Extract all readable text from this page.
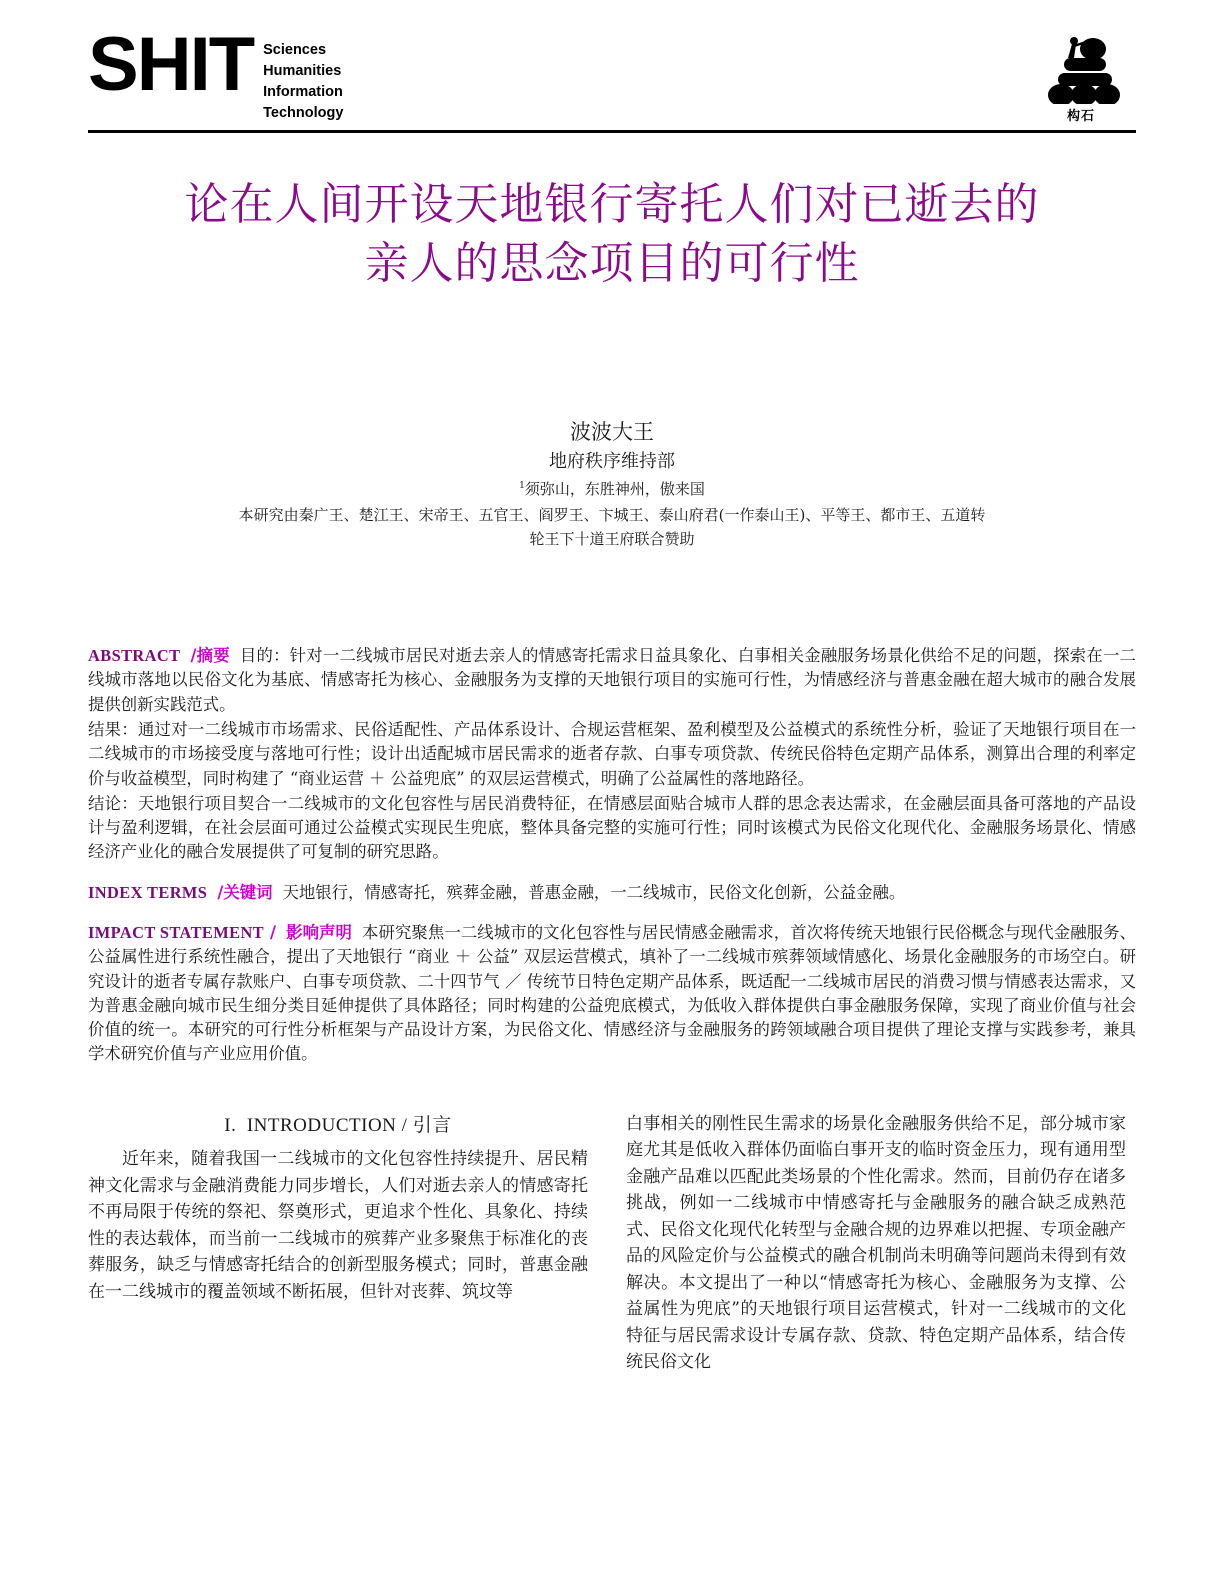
SHIT Sciences
Humanities
Information
Technology	构石
论在人间开设天地银行寄托人们对已逝去的
亲人的思念项目的可行性
波波大王
地府秩序维持部
$^1$须弥山，东胜神州，傲来国
本研究由秦广王、楚江王、宋帝王、五官王、阎罗王、卞城王、泰山府君(一作泰山王)、平等王、都市王、五道转
轮王下十道王府联合赞助

ABSTRACT /摘要 目的：针对一二线城市居民对逝去亲人的情感寄托需求日益具象化、白事相关金融服务场景化供给不足的问题，探索在一二线城市落地以民俗文化为基底、情感寄托为核心、金融服务为支撑的天地银行项目的实施可行性，为情感经济与普惠金融在超大城市的融合发展提供创新实践范式。

结果：通过对一二线城市市场需求、民俗适配性、产品体系设计、合规运营框架、盈利模型及公益模式的系统性分析，验证了天地银行项目在一二线城市的市场接受度与落地可行性；设计出适配城市居民需求的逝者存款、白事专项贷款、传统民俗特色定期产品体系，测算出合理的利率定价与收益模型，同时构建了 “商业运营 ＋ 公益兜底” 的双层运营模式，明确了公益属性的落地路径。

结论：天地银行项目契合一二线城市的文化包容性与居民消费特征，在情感层面贴合城市人群的思念表达需求，在金融层面具备可落地的产品设计与盈利逻辑，在社会层面可通过公益模式实现民生兜底，整体具备完整的实施可行性；同时该模式为民俗文化现代化、金融服务场景化、情感经济产业化的融合发展提供了可复制的研究思路。

INDEX TERMS /关键词 天地银行，情感寄托，殡葬金融，普惠金融，一二线城市，民俗文化创新，公益金融。

IMPACT STATEMENT / 影响声明 本研究聚焦一二线城市的文化包容性与居民情感金融需求，首次将传统天地银行民俗概念与现代金融服务、公益属性进行系统性融合，提出了天地银行 “商业 ＋ 公益” 双层运营模式，填补了一二线城市殡葬领域情感化、场景化金融服务的市场空白。研究设计的逝者专属存款账户、白事专项贷款、二十四节气 ／ 传统节日特色定期产品体系，既适配一二线城市居民的消费习惯与情感表达需求，又为普惠金融向城市民生细分类目延伸提供了具体路径；同时构建的公益兜底模式，为低收入群体提供白事金融服务保障，实现了商业价值与社会价值的统一。本研究的可行性分析框架与产品设计方案，为民俗文化、情感经济与金融服务的跨领域融合项目提供了理论支撑与实践参考，兼具学术研究价值与产业应用价值。

I. INTRODUCTION / 引言

近年来，随着我国一二线城市的文化包容性持续提升、居民精神文化需求与金融消费能力同步增长，人们对逝去亲人的情感寄托不再局限于传统的祭祀、祭奠形式，更追求个性化、具象化、持续性的表达载体，而当前一二线城市的殡葬产业多聚焦于标准化的丧葬服务，缺乏与情感寄托结合的创新型服务模式；同时，普惠金融在一二线城市的覆盖领域不断拓展，但针对丧葬、筑坟等

白事相关的刚性民生需求的场景化金融服务供给不足，部分城市家庭尤其是低收入群体仍面临白事开支的临时资金压力，现有通用型金融产品难以匹配此类场景的个性化需求。然而，目前仍存在诸多挑战，例如一二线城市中情感寄托与金融服务的融合缺乏成熟范式、民俗文化现代化转型与金融合规的边界难以把握、专项金融产品的风险定价与公益模式的融合机制尚未明确等问题尚未得到有效解决。本文提出了一种以“情感寄托为核心、金融服务为支撑、公益属性为兜底”的天地银行项目运营模式，针对一二线城市的文化特征与居民需求设计专属存款、贷款、特色定期产品体系，结合传统民俗文化
